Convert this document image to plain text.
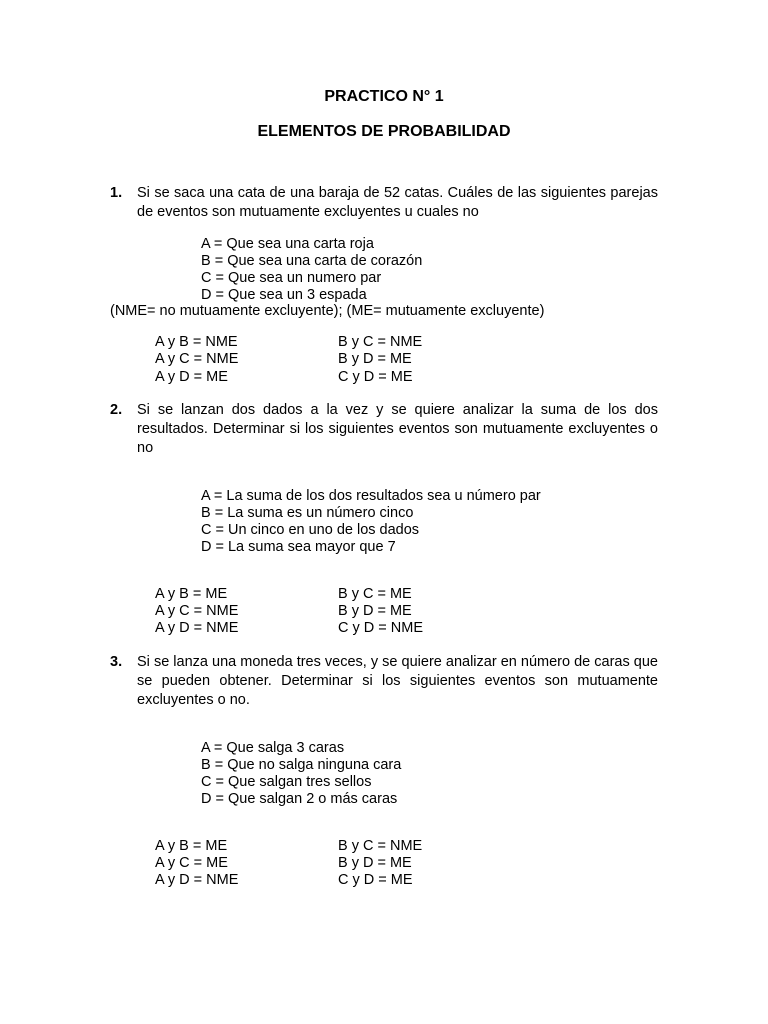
PRACTICO N° 1
ELEMENTOS DE PROBABILIDAD
1. Si se saca una cata de una baraja de 52 catas. Cuáles de las siguientes parejas de eventos son mutuamente excluyentes u cuales no
A = Que sea una carta roja
B = Que sea una carta de corazón
C = Que sea un numero par
D = Que sea un 3 espada
(NME= no mutuamente excluyente); (ME= mutuamente excluyente)
A y B = NME
A y C = NME
A y D = ME
B y C = NME
B y D = ME
C y D = ME
2. Si se lanzan dos dados a la vez y se quiere analizar la suma de los dos resultados. Determinar si los siguientes eventos son mutuamente excluyentes o no
A = La suma de los dos resultados sea u número par
B = La suma es un número cinco
C = Un cinco en uno de los dados
D = La suma sea mayor que 7
A y B = ME
A y C = NME
A y D = NME
B y C = ME
B y D = ME
C y D = NME
3. Si se lanza una moneda tres veces, y se quiere analizar en número de caras que se pueden obtener. Determinar si los siguientes eventos son mutuamente excluyentes o no.
A = Que salga 3 caras
B = Que no salga ninguna cara
C = Que salgan tres sellos
D = Que salgan 2 o más caras
A y B = ME
A y C = ME
A y D = NME
B y C = NME
B y D = ME
C y D = ME
